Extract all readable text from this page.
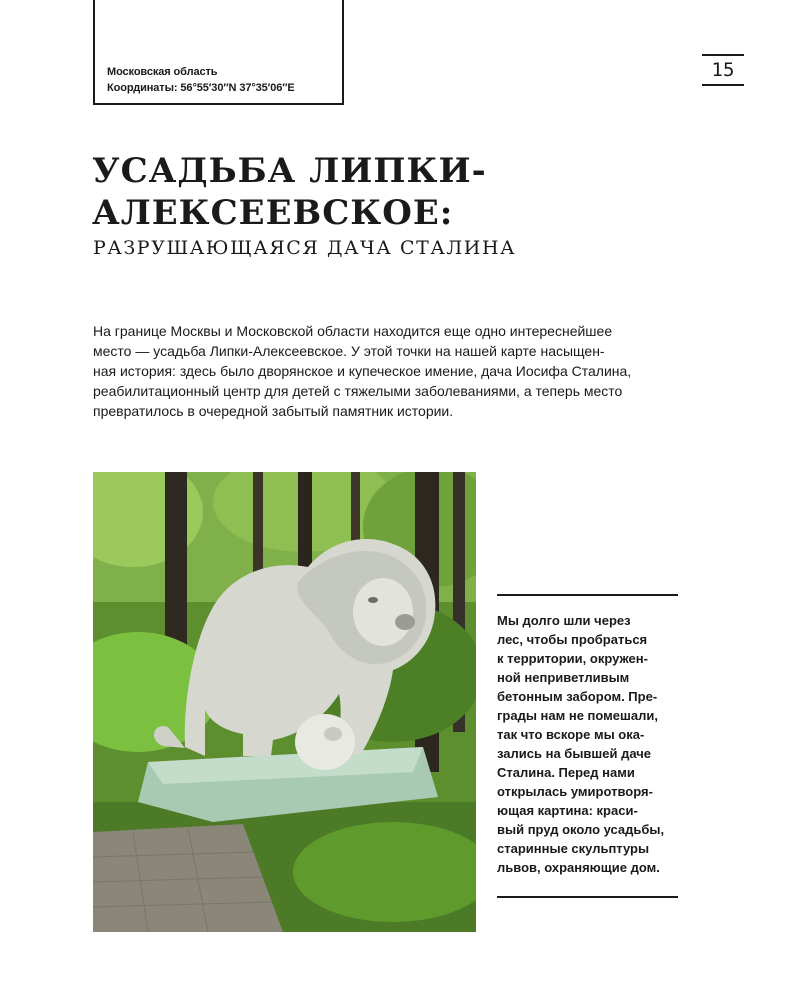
Московская область
Координаты: 56°55′30″N 37°35′06″E
15
УСАДЬБА ЛИПКИ-
АЛЕКСЕЕВСКОЕ:
РАЗРУШАЮЩАЯСЯ ДАЧА СТАЛИНА
На границе Москвы и Московской области находится еще одно интереснейшее
место — усадьба Липки-Алексеевское. У этой точки на нашей карте насыщен-
ная история: здесь было дворянское и купеческое имение, дача Иосифа Сталина,
реабилитационный центр для детей с тяжелыми заболеваниями, а теперь место
превратилось в очередной забытый памятник истории.
Мы долго шли через
лес, чтобы пробраться
к территории, окружен-
ной неприветливым
бетонным забором. Пре-
грады нам не помешали,
так что вскоре мы ока-
зались на бывшей даче
Сталина. Перед нами
открылась умиротворя-
ющая картина: краси-
вый пруд около усадьбы,
старинные скульптуры
львов, охраняющие дом.
